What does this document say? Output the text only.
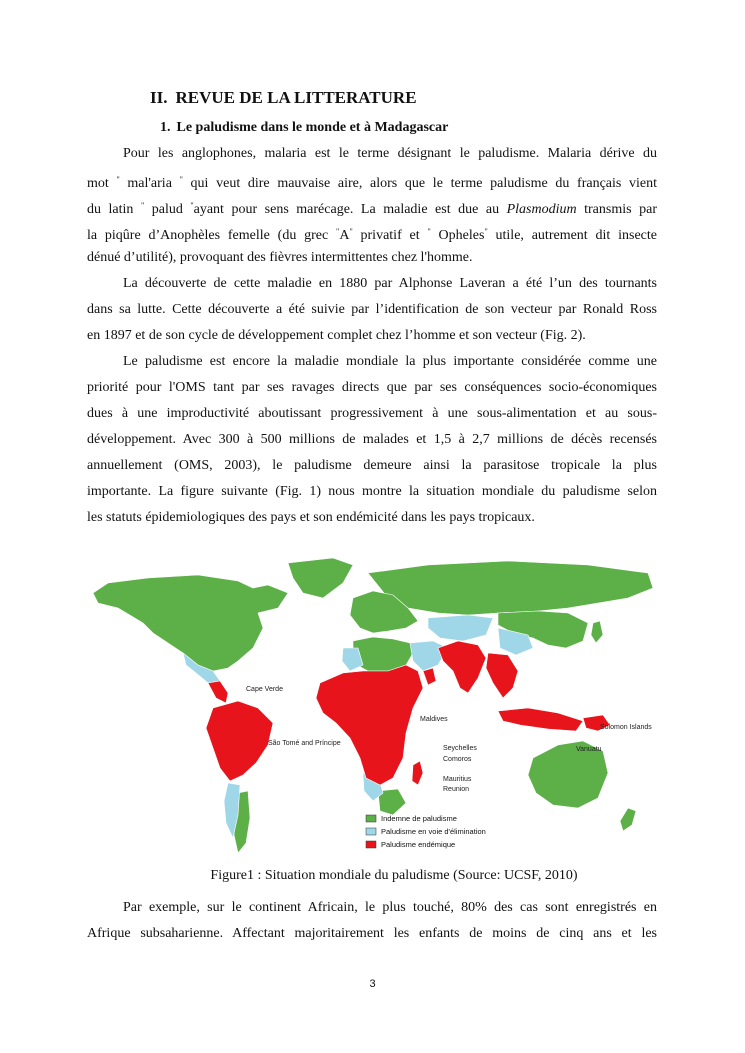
II. REVUE DE LA LITTERATURE
1. Le paludisme dans le monde et à Madagascar
Pour les anglophones, malaria est le terme désignant le paludisme. Malaria dérive du
mot " mal'aria " qui veut dire mauvaise aire, alors que le terme paludisme du français vient
du latin " palud "ayant pour sens marécage. La maladie est due au Plasmodium transmis par
la piqûre d’Anophèles femelle (du grec "A" privatif et " Opheles" utile, autrement dit insecte
dénué d’utilité), provoquant des fièvres intermittentes chez l'homme.
La découverte de cette maladie en 1880 par Alphonse Laveran a été l’un des tournants
dans sa lutte. Cette découverte a été suivie par l’identification de son vecteur par Ronald Ross
en 1897 et de son cycle de développement complet chez l’homme et son vecteur (Fig. 2).
Le paludisme est encore la maladie mondiale la plus importante considérée comme une
priorité pour l'OMS tant par ses ravages directs que par ses conséquences socio-économiques
dues à une improductivité aboutissant progressivement à une sous-alimentation et au sous-
développement. Avec 300 à 500 millions de malades et 1,5 à 2,7 millions de décès recensés
annuellement (OMS, 2003), le paludisme demeure ainsi la parasitose tropicale la plus
importante. La figure suivante (Fig. 1) nous montre la situation mondiale du paludisme selon
les statuts épidemiologiques des pays et son endémicité dans les pays tropicaux.
Cape Verde
São Tomé and Príncipe
Maldives
Seychelles
Comoros
Mauritius
Reunion
Solomon Islands
Vanuatu
Indemne de paludisme
Paludisme en voie d'élimination
Paludisme endémique
Figure1 : Situation mondiale du paludisme (Source: UCSF, 2010)
Par exemple, sur le continent Africain, le plus touché, 80% des cas sont enregistrés en
Afrique subsaharienne. Affectant majoritairement les enfants de moins de cinq ans et les
3
